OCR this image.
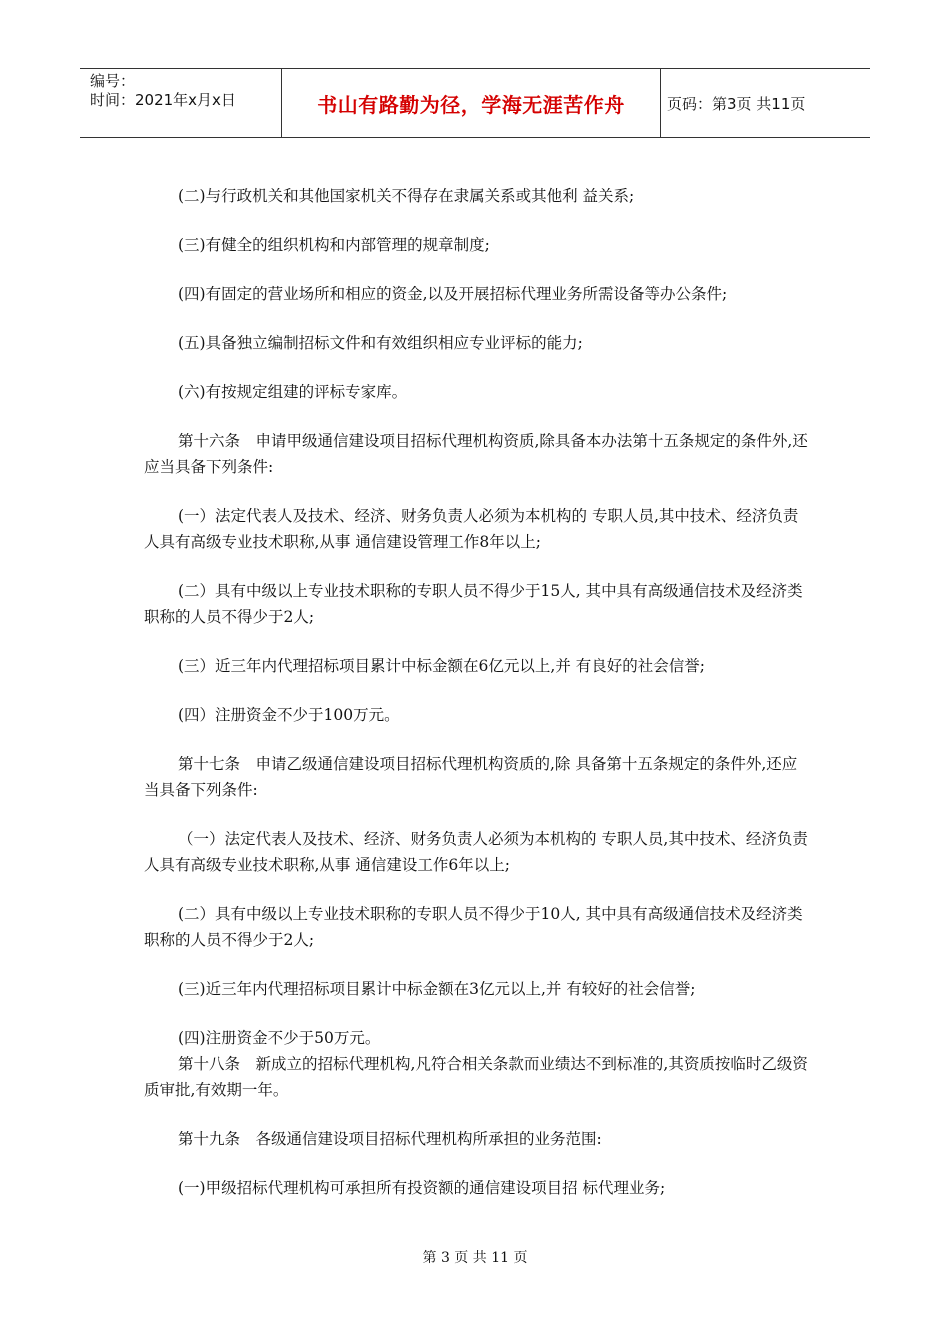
编号：
时间：2021年x月x日	书山有路勤为径，学海无涯苦作舟	页码：第3页 共11页

(二)与行政机关和其他国家机关不得存在隶属关系或其他利 益关系;

(三)有健全的组织机构和内部管理的规章制度;

(四)有固定的营业场所和相应的资金,以及开展招标代理业务所需设备等办公条件;

(五)具备独立编制招标文件和有效组织相应专业评标的能力;

(六)有按规定组建的评标专家库。

第十六条　申请甲级通信建设项目招标代理机构资质,除具备本办法第十五条规定的条件外,还应当具备下列条件:

(一）法定代表人及技术、经济、财务负责人必须为本机构的 专职人员,其中技术、经济负责人具有高级专业技术职称,从事 通信建设管理工作8年以上;

(二）具有中级以上专业技术职称的专职人员不得少于15人, 其中具有高级通信技术及经济类职称的人员不得少于2人;

(三）近三年内代理招标项目累计中标金额在6亿元以上,并 有良好的社会信誉;

(四）注册资金不少于100万元。

第十七条　申请乙级通信建设项目招标代理机构资质的,除 具备第十五条规定的条件外,还应当具备下列条件:

（一）法定代表人及技术、经济、财务负责人必须为本机构的 专职人员,其中技术、经济负责人具有高级专业技术职称,从事 通信建设工作6年以上;

(二）具有中级以上专业技术职称的专职人员不得少于10人, 其中具有高级通信技术及经济类职称的人员不得少于2人;

(三)近三年内代理招标项目累计中标金额在3亿元以上,并 有较好的社会信誉;

(四)注册资金不少于50万元。

第十八条　新成立的招标代理机构,凡符合相关条款而业绩达不到标准的,其资质按临时乙级资质审批,有效期一年。

第十九条　各级通信建设项目招标代理机构所承担的业务范围:

(一)甲级招标代理机构可承担所有投资额的通信建设项目招 标代理业务;

第 3 页 共 11 页
